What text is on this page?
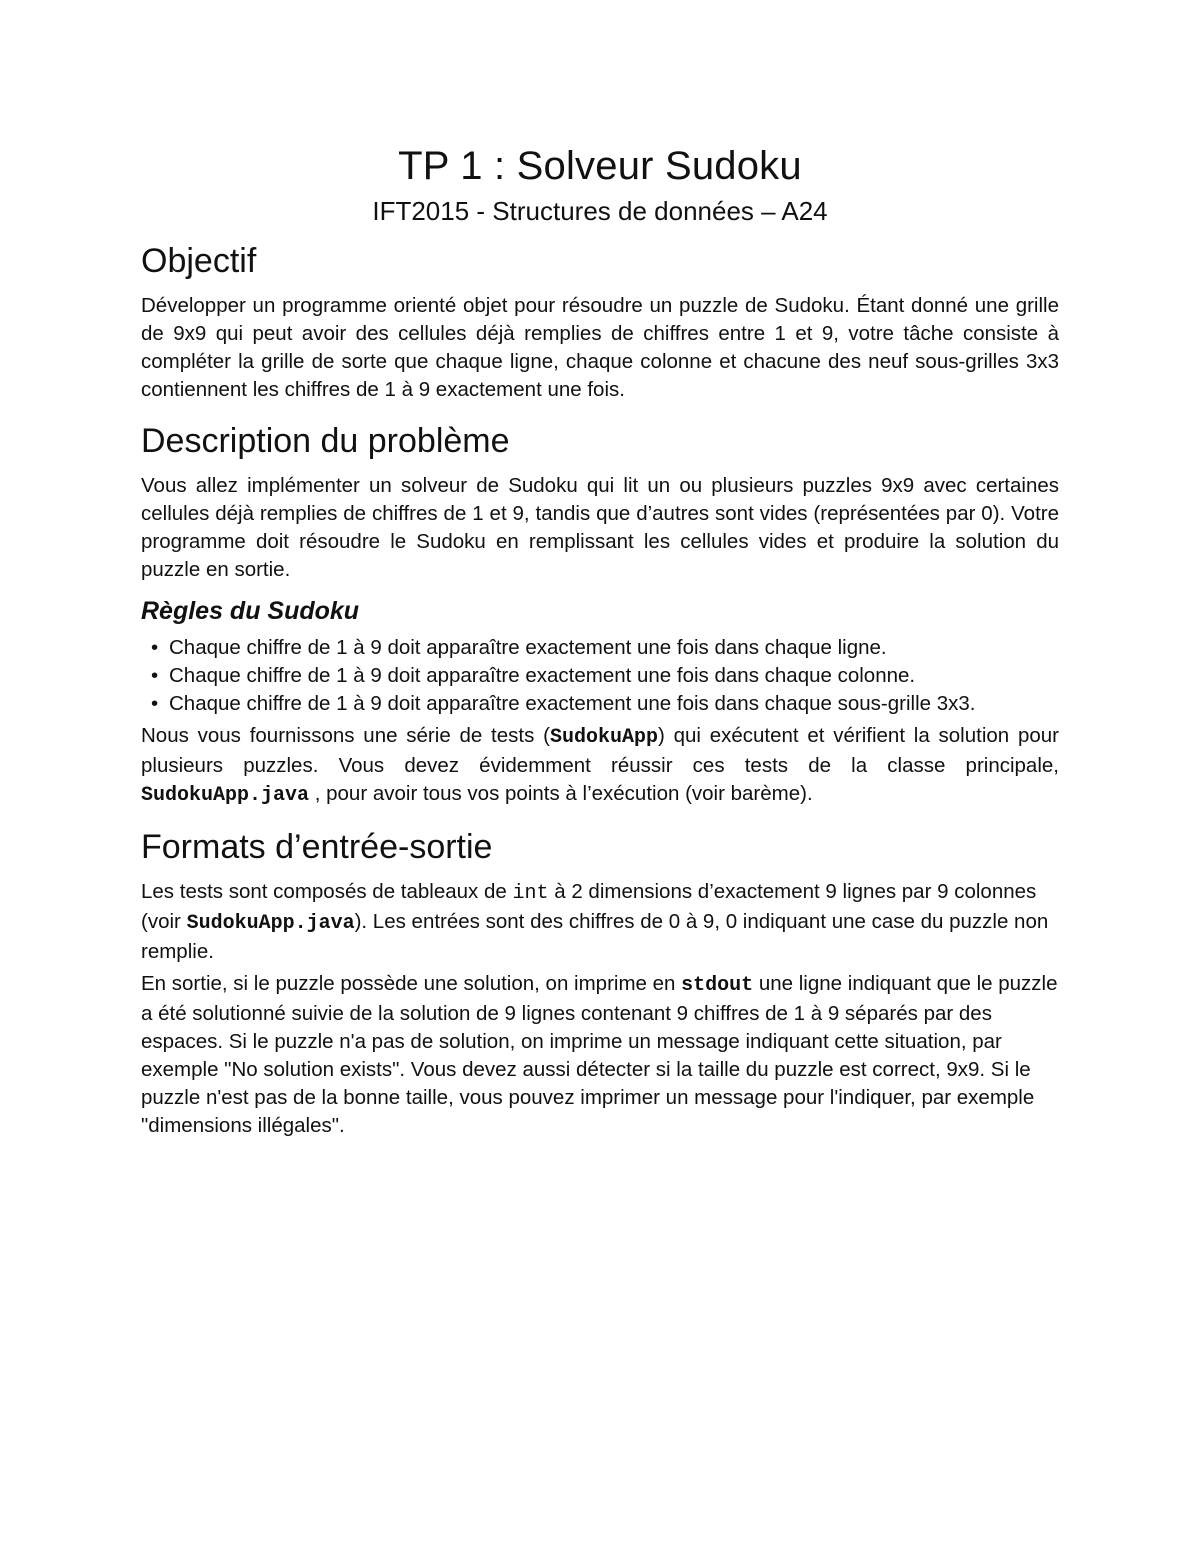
TP 1 : Solveur Sudoku
IFT2015 - Structures de données – A24
Objectif

Développer un programme orienté objet pour résoudre un puzzle de Sudoku. Étant donné une grille de 9x9 qui peut avoir des cellules déjà remplies de chiffres entre 1 et 9, votre tâche consiste à compléter la grille de sorte que chaque ligne, chaque colonne et chacune des neuf sous-grilles 3x3 contiennent les chiffres de 1 à 9 exactement une fois.

Description du problème

Vous allez implémenter un solveur de Sudoku qui lit un ou plusieurs puzzles 9x9 avec certaines cellules déjà remplies de chiffres de 1 et 9, tandis que d’autres sont vides (représentées par 0). Votre programme doit résoudre le Sudoku en remplissant les cellules vides et produire la solution du puzzle en sortie.

Règles du Sudoku
• Chaque chiffre de 1 à 9 doit apparaître exactement une fois dans chaque ligne.
• Chaque chiffre de 1 à 9 doit apparaître exactement une fois dans chaque colonne.
• Chaque chiffre de 1 à 9 doit apparaître exactement une fois dans chaque sous-grille 3x3.

Nous vous fournissons une série de tests (SudokuApp) qui exécutent et vérifient la solution pour plusieurs puzzles. Vous devez évidemment réussir ces tests de la classe principale, SudokuApp.java , pour avoir tous vos points à l’exécution (voir barème).

Formats d’entrée-sortie

Les tests sont composés de tableaux de int à 2 dimensions d’exactement 9 lignes par 9 colonnes (voir SudokuApp.java). Les entrées sont des chiffres de 0 à 9, 0 indiquant une case du puzzle non remplie.

En sortie, si le puzzle possède une solution, on imprime en stdout une ligne indiquant que le puzzle a été solutionné suivie de la solution de 9 lignes contenant 9 chiffres de 1 à 9 séparés par des espaces. Si le puzzle n'a pas de solution, on imprime un message indiquant cette situation, par exemple "No solution exists". Vous devez aussi détecter si la taille du puzzle est correct, 9x9. Si le puzzle n'est pas de la bonne taille, vous pouvez imprimer un message pour l'indiquer, par exemple "dimensions illégales".
